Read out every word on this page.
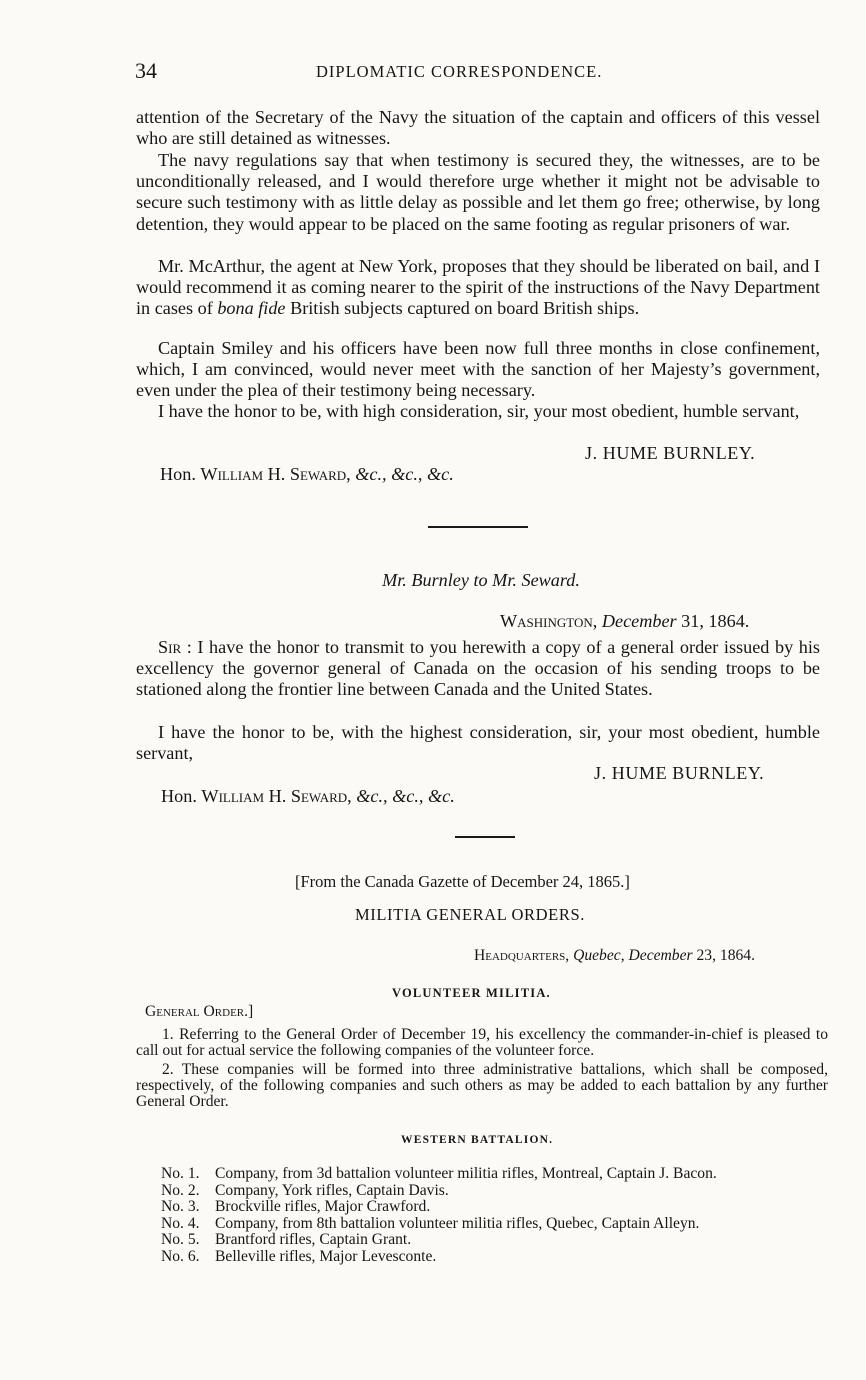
34	DIPLOMATIC CORRESPONDENCE.
attention of the Secretary of the Navy the situation of the captain and officers of this vessel who are still detained as witnesses.
The navy regulations say that when testimony is secured they, the witnesses, are to be unconditionally released, and I would therefore urge whether it might not be advisable to secure such testimony with as little delay as possible and let them go free; otherwise, by long detention, they would appear to be placed on the same footing as regular prisoners of war.
Mr. McArthur, the agent at New York, proposes that they should be liberated on bail, and I would recommend it as coming nearer to the spirit of the instructions of the Navy Department in cases of bona fide British subjects captured on board British ships.
Captain Smiley and his officers have been now full three months in close confinement, which, I am convinced, would never meet with the sanction of her Majesty’s government, even under the plea of their testimony being necessary.
I have the honor to be, with high consideration, sir, your most obedient, humble servant,
J. HUME BURNLEY.
Hon. William H. Seward, &c., &c., &c.
Mr. Burnley to Mr. Seward.
Washington, December 31, 1864.
Sir : I have the honor to transmit to you herewith a copy of a general order issued by his excellency the governor general of Canada on the occasion of his sending troops to be stationed along the frontier line between Canada and the United States.
I have the honor to be, with the highest consideration, sir, your most obedient, humble servant,
J. HUME BURNLEY.
Hon. William H. Seward, &c., &c., &c.
[From the Canada Gazette of December 24, 1865.]
MILITIA GENERAL ORDERS.
Headquarters, Quebec, December 23, 1864.
VOLUNTEER MILITIA.
General Order.]
1. Referring to the General Order of December 19, his excellency the commander-in-chief is pleased to call out for actual service the following companies of the volunteer force.
2. These companies will be formed into three administrative battalions, which shall be composed, respectively, of the following companies and such others as may be added to each battalion by any further General Order.
WESTERN BATTALION.
No. 1. Company, from 3d battalion volunteer militia rifles, Montreal, Captain J. Bacon.
No. 2. Company, York rifles, Captain Davis.
No. 3. Brockville rifles, Major Crawford.
No. 4. Company, from 8th battalion volunteer militia rifles, Quebec, Captain Alleyn.
No. 5. Brantford rifles, Captain Grant.
No. 6. Belleville rifles, Major Levesconte.
